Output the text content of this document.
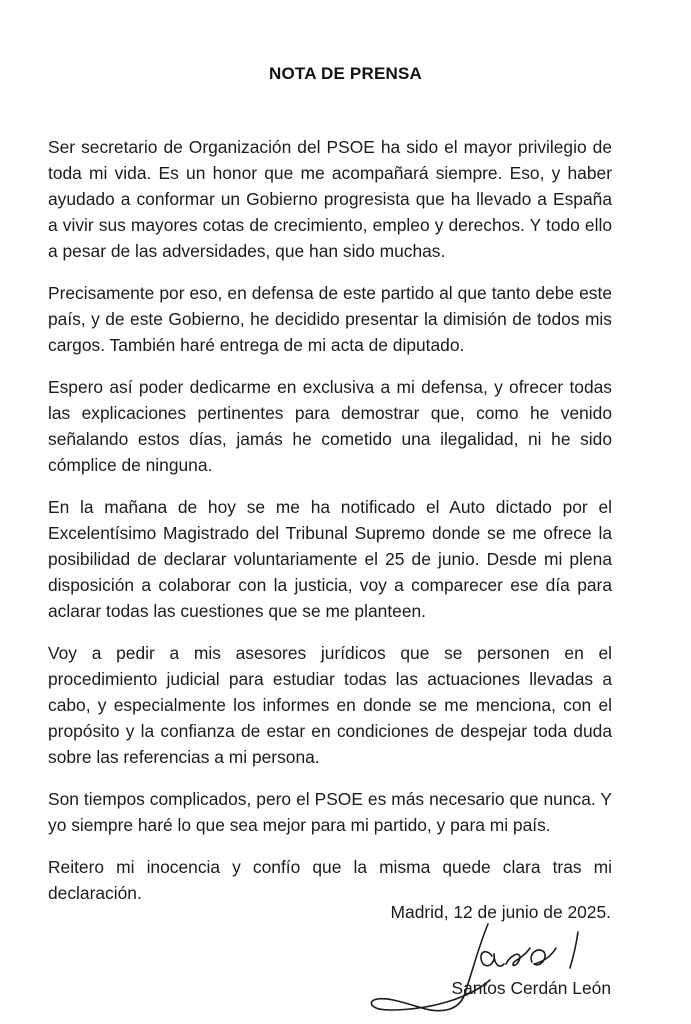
NOTA DE PRENSA

Ser secretario de Organización del PSOE ha sido el mayor privilegio de toda mi vida. Es un honor que me acompañará siempre. Eso, y haber ayudado a conformar un Gobierno progresista que ha llevado a España a vivir sus mayores cotas de crecimiento, empleo y derechos. Y todo ello a pesar de las adversidades, que han sido muchas.

Precisamente por eso, en defensa de este partido al que tanto debe este país, y de este Gobierno, he decidido presentar la dimisión de todos mis cargos. También haré entrega de mi acta de diputado.

Espero así poder dedicarme en exclusiva a mi defensa, y ofrecer todas las explicaciones pertinentes para demostrar que, como he venido señalando estos días, jamás he cometido una ilegalidad, ni he sido cómplice de ninguna.

En la mañana de hoy se me ha notificado el Auto dictado por el Excelentísimo Magistrado del Tribunal Supremo donde se me ofrece la posibilidad de declarar voluntariamente el 25 de junio. Desde mi plena disposición a colaborar con la justicia, voy a comparecer ese día para aclarar todas las cuestiones que se me planteen.

Voy a pedir a mis asesores jurídicos que se personen en el procedimiento judicial para estudiar todas las actuaciones llevadas a cabo, y especialmente los informes en donde se me menciona, con el propósito y la confianza de estar en condiciones de despejar toda duda sobre las referencias a mi persona.

Son tiempos complicados, pero el PSOE es más necesario que nunca. Y yo siempre haré lo que sea mejor para mi partido, y para mi país.

Reitero mi inocencia y confío que la misma quede clara tras mi declaración.

Madrid, 12 de junio de 2025.
Santos Cerdán León
